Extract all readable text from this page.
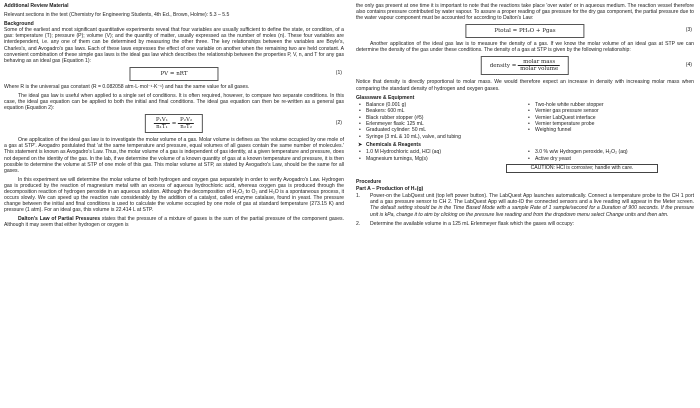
Additional Review Material

Relevant sections in the text (Chemistry for Engineering Students, 4th Ed., Brown, Holme): 5.3 – 5.5

Background

Some of the earliest and most significant quantitative experiments reveal that four variables are usually sufficient to define the state, or condition, of a gas: temperature (T); pressure (P); volume (V); and the quantity of matter, usually expressed as the number of moles (n). These four variables are interdependent, i.e. any one of them can be determined by measuring the other three. The key relationships between the variables are Boyle's, Charles's, and Avogadro's gas laws. Each of these laws expresses the effect of one variable on another when the remaining two are held constant. A convenient combination of these simple gas laws is the ideal gas law which describes the relationship between the properties P, V, n, and T for any gas behaving as an ideal gas (Equation 1):

PV = nRT	(1)

Where R is the universal gas constant (R = 0.082058 atm·L·mol⁻¹·K⁻¹) and has the same value for all gases.

The ideal gas law is useful when applied to a single set of conditions. It is often required, however, to compare two separate conditions. In this case, the ideal gas equation can be applied to both the initial and final conditions. The ideal gas equation can then be re-written as a general gas equation (Equation 2):

$\frac{\text{P₁V₁}}{\text{n₁T₁}} = \frac{\text{P₂V₂}}{\text{n₂T₂}}$	(2)

One application of the ideal gas law is to investigate the molar volume of a gas. Molar volume is defines as 'the volume occupied by one mole of a gas at STP'. Avogadro postulated that 'at the same temperature and pressure, equal volumes of all gases contain the same number of molecules.' This statement is known as Avogadro's Law. Thus, the molar volume of a gas is independent of gas identity, at a given temperature and pressure, does not depend on the identity of the gas. In the lab, if we determine the volume of a known quantity of gas at a known temperature and pressure, it is then possible to determine the volume at STP of one mole of this gas. This molar volume at STP, as stated by Avogadro's Law, should be the same for all gases.

In this experiment we will determine the molar volume of both hydrogen and oxygen gas separately in order to verify Avogadro's Law. Hydrogen gas is produced by the reaction of magnesium metal with an excess of aqueous hydrochloric acid, whereas oxygen gas is produced through the decomposition reaction of hydrogen peroxide in an aqueous solution. Although the decomposition of H₂O₂ to O₂ and H₂O is a spontaneous process, it occurs slowly. We can speed up the reaction rate considerably by the addition of a catalyst, called enzyme catalase, found in yeast. The pressure change between the initial and final conditions is used to calculate the volume occupied by one mole of gas at standard temperature (273.15 K) and pressure (1 atm). For an ideal gas, this volume is 22.414 L at STP.

Dalton's Law of Partial Pressures states that the pressure of a mixture of gases is the sum of the partial pressure of the component gases. Although it may seem that either hydrogen or oxygen is

the only gas present at one time it is important to note that the reactions take place 'over water' or in aqueous medium. The reaction vessel therefore also contains pressure contributed by water vapour. To assure a proper reading of gas pressure for the dry gas component, the partial pressure due to the water vapour component must be accounted for according to Dalton's Law:

Ptotal = PH₂O + Pgas	(3)

Another application of the ideal gas law is to measure the density of a gas. If we know the molar volume of an ideal gas at STP we can determine the density of the gas under these conditions. The density of a gas at STP is given by the following relationship:

density = $\frac{\text{molar mass}}{\text{molar volume}}$	(4)

Notice that density is directly proportional to molar mass. We would therefore expect an increase in density with increasing molar mass when comparing the standard density of hydrogen and oxygen gases.

Glassware & Equipment

• Balance (0.001 g)
• Beakers: 600 mL
• Black rubber stopper (#5)
• Erlenmeyer flask: 125 mL
• Graduated cylinder: 50 mL
• Syringe (3 mL & 10 mL), valve, and tubing
• Two-hole white rubber stopper
• Vernier gas pressure sensor
• Vernier LabQuest interface
• Vernier temperature probe
• Weighing funnel

➤ Chemicals & Reagents

• 1.0 M Hydrochloric acid, HCl (aq)
• Magnesium turnings, Mg(s)
• 3.0 % w/w Hydrogen peroxide, H₂O₂ (aq)
• Active dry yeast
CAUTION: HCl is corrosive; handle with care.

Procedure

Part A – Production of H₂(g)

1. Power-on the LabQuest unit (top left power button). The LabQuest App launches automatically. Connect a temperature probe to the CH 1 port and a gas pressure sensor to CH 2. The LabQuest App will auto-ID the connected sensors and a live reading will appear in the Meter screen. The default setting should be in the Time Based Mode with a sample Rate of 1 sample/second for a Duration of 900 seconds. If the pressure unit is kPa, change it to atm by clicking on the pressure live reading and from the dropdown menu select Change units and then atm.
2. Determine the available volume in a 125 mL Erlenmeyer flask which the gases will occupy:
